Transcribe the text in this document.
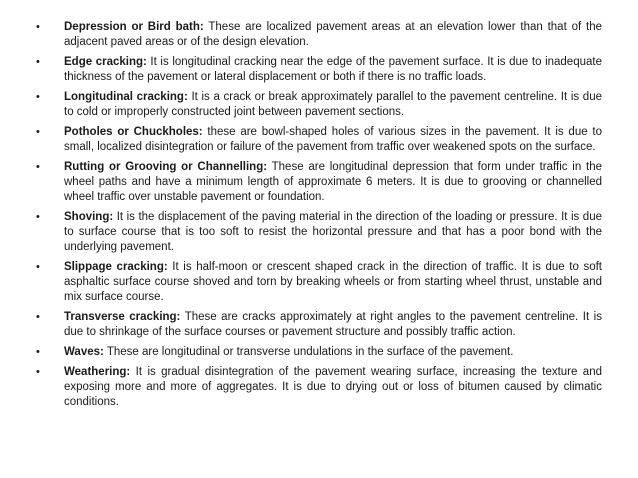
•	Depression or Bird bath: These are localized pavement areas at an elevation lower than that of the adjacent paved areas or of the design elevation.
•	Edge cracking: It is longitudinal cracking near the edge of the pavement surface. It is due to inadequate thickness of the pavement or lateral displacement or both if there is no traffic loads.
•	Longitudinal cracking: It is a crack or break approximately parallel to the pavement centreline. It is due to cold or improperly constructed joint between pavement sections.
•	Potholes or Chuckholes: these are bowl-shaped holes of various sizes in the pavement. It is due to small, localized disintegration or failure of the pavement from traffic over weakened spots on the surface.
•	Rutting or Grooving or Channelling: These are longitudinal depression that form under traffic in the wheel paths and have a minimum length of approximate 6 meters. It is due to grooving or channelled wheel traffic over unstable pavement or foundation.
•	Shoving: It is the displacement of the paving material in the direction of the loading or pressure. It is due to surface course that is too soft to resist the horizontal pressure and that has a poor bond with the underlying pavement.
•	Slippage cracking: It is half-moon or crescent shaped crack in the direction of traffic. It is due to soft asphaltic surface course shoved and torn by breaking wheels or from starting wheel thrust, unstable and mix surface course.
•	Transverse cracking: These are cracks approximately at right angles to the pavement centreline. It is due to shrinkage of the surface courses or pavement structure and possibly traffic action.
•	Waves: These are longitudinal or transverse undulations in the surface of the pavement.
•	Weathering: It is gradual disintegration of the pavement wearing surface, increasing the texture and exposing more and more of aggregates. It is due to drying out or loss of bitumen caused by climatic conditions.
